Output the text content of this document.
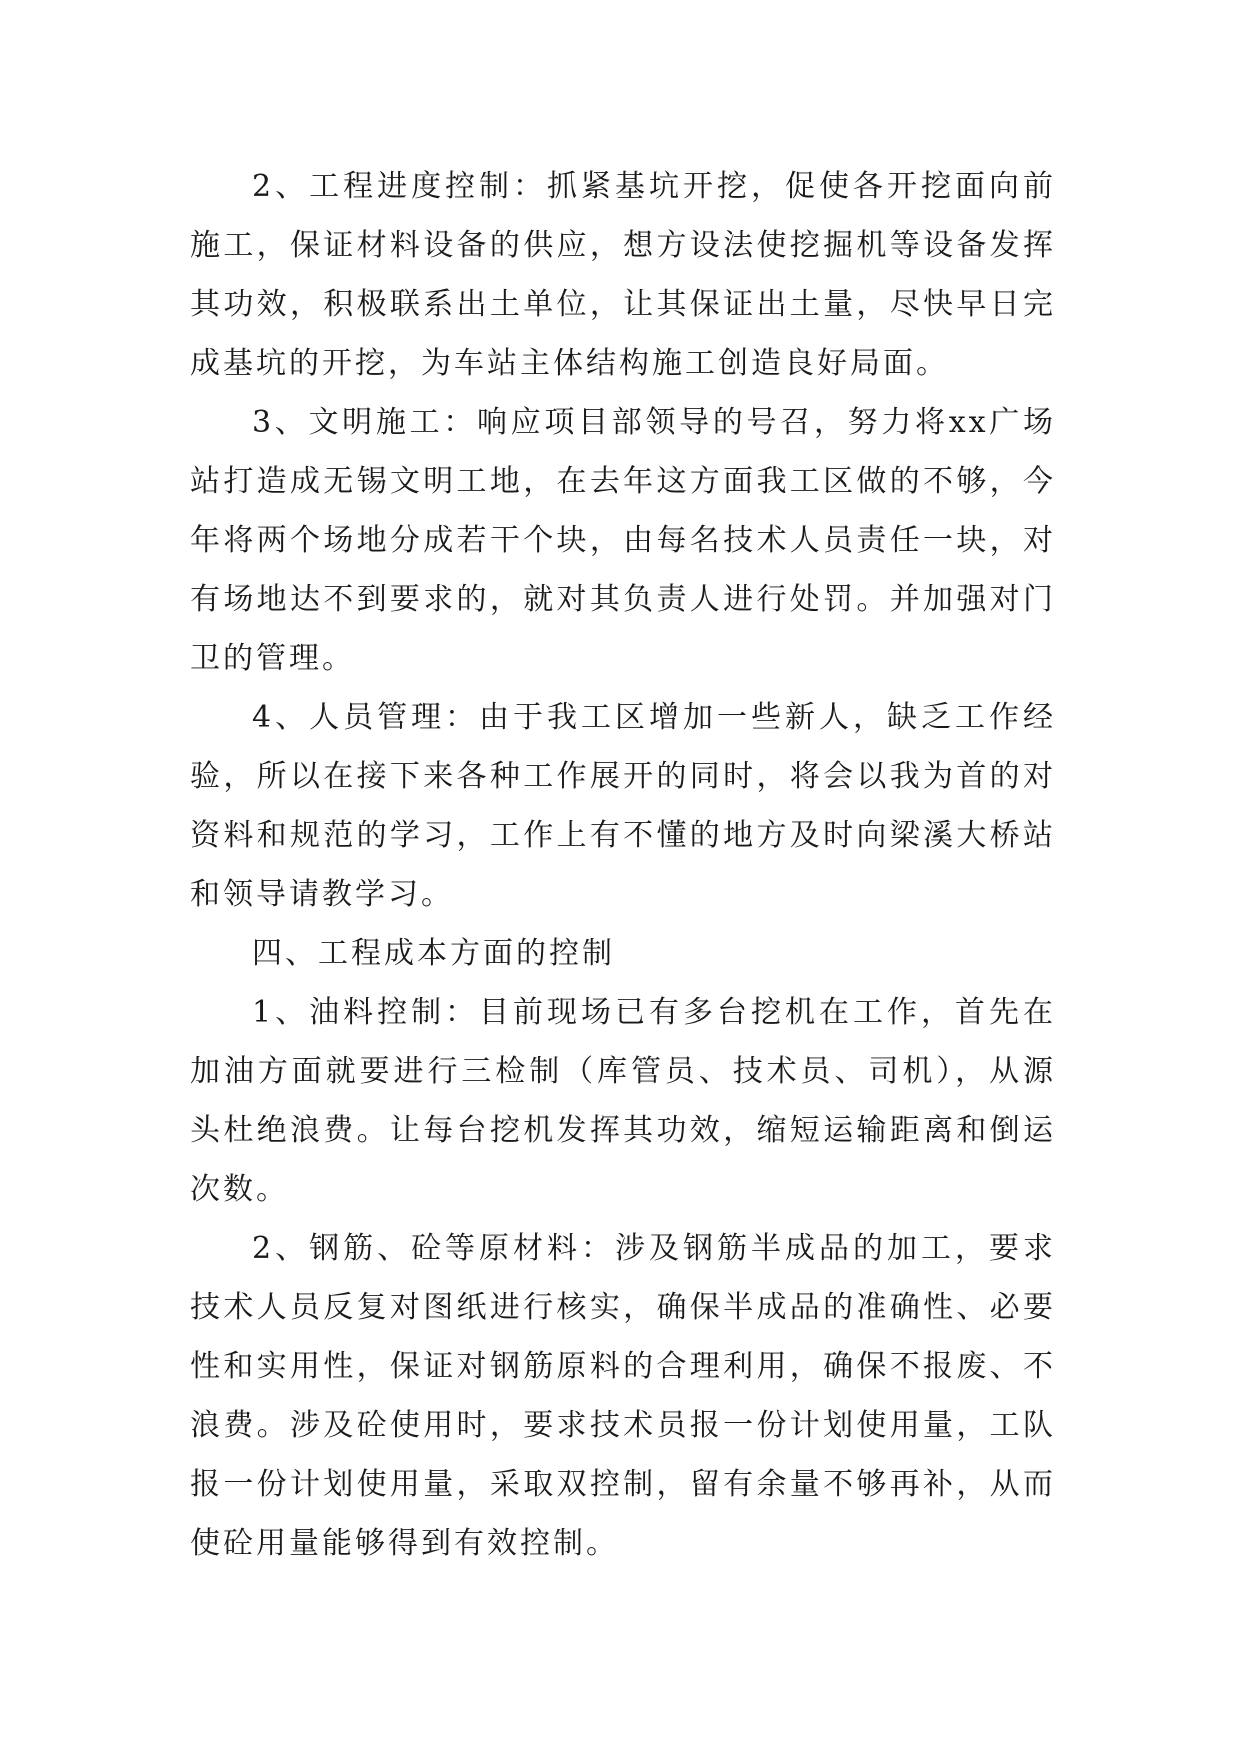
2、工程进度控制：抓紧基坑开挖，促使各开挖面向前施工，保证材料设备的供应，想方设法使挖掘机等设备发挥其功效，积极联系出土单位，让其保证出土量，尽快早日完成基坑的开挖，为车站主体结构施工创造良好局面。

3、文明施工：响应项目部领导的号召，努力将xx广场站打造成无锡文明工地，在去年这方面我工区做的不够，今年将两个场地分成若干个块，由每名技术人员责任一块，对有场地达不到要求的，就对其负责人进行处罚。并加强对门卫的管理。

4、人员管理：由于我工区增加一些新人，缺乏工作经验，所以在接下来各种工作展开的同时，将会以我为首的对资料和规范的学习，工作上有不懂的地方及时向梁溪大桥站和领导请教学习。

四、工程成本方面的控制

1、油料控制：目前现场已有多台挖机在工作，首先在加油方面就要进行三检制（库管员、技术员、司机），从源头杜绝浪费。让每台挖机发挥其功效，缩短运输距离和倒运次数。

2、钢筋、砼等原材料：涉及钢筋半成品的加工，要求技术人员反复对图纸进行核实，确保半成品的准确性、必要性和实用性，保证对钢筋原料的合理利用，确保不报废、不浪费。涉及砼使用时，要求技术员报一份计划使用量，工队报一份计划使用量，采取双控制，留有余量不够再补，从而使砼用量能够得到有效控制。
